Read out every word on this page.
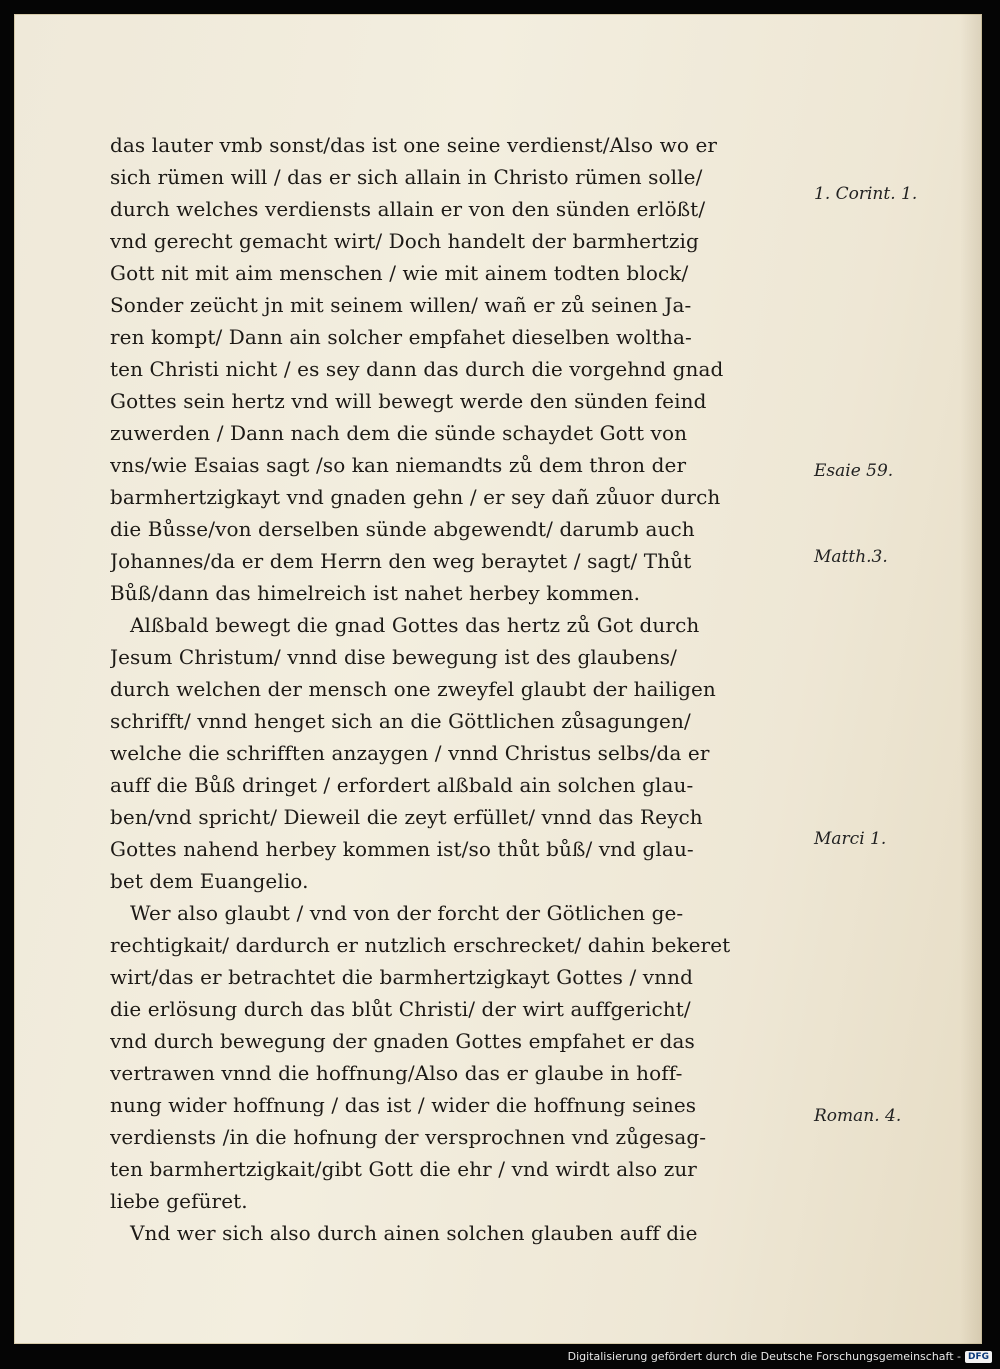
das lauter vmb sonst/das ist one seine verdienst/Also wo er
sich rümen will / das er sich allain in Christo rümen solle/
durch welches verdiensts allain er von den sünden erlößt/
vnd gerecht gemacht wirt/ Doch handelt der barmhertzig
Gott nit mit aim menschen / wie mit ainem todten block/
Sonder zeücht jn mit seinem willen/ wañ er zů seinen Ja-
ren kompt/ Dann ain solcher empfahet dieselben woltha-
ten Christi nicht / es sey dann das durch die vorgehnd gnad
Gottes sein hertz vnd will bewegt werde den sünden feind
zuwerden / Dann nach dem die sünde schaydet Gott von
vns/wie Esaias sagt /so kan niemandts zů dem thron der
barmhertzigkayt vnd gnaden gehn / er sey dañ zůuor durch
die Bůsse/von derselben sünde abgewendt/ darumb auch
Johannes/da er dem Herrn den weg beraytet / sagt/ Thůt
Bůß/dann das himelreich ist nahet herbey kommen.
Alßbald bewegt die gnad Gottes das hertz zů Got durch
Jesum Christum/ vnnd dise bewegung ist des glaubens/
durch welchen der mensch one zweyfel glaubt der hailigen
schrifft/ vnnd henget sich an die Göttlichen zůsagungen/
welche die schrifften anzaygen / vnnd Christus selbs/da er
auff die Bůß dringet / erfordert alßbald ain solchen glau-
ben/vnd spricht/ Dieweil die zeyt erfüllet/ vnnd das Reych
Gottes nahend herbey kommen ist/so thůt bůß/ vnd glau-
bet dem Euangelio.
Wer also glaubt / vnd von der forcht der Götlichen ge-
rechtigkait/ dardurch er nutzlich erschrecket/ dahin bekeret
wirt/das er betrachtet die barmhertzigkayt Gottes / vnnd
die erlösung durch das blůt Christi/ der wirt auffgericht/
vnd durch bewegung der gnaden Gottes empfahet er das
vertrawen vnnd die hoffnung/Also das er glaube in hoff-
nung wider hoffnung / das ist / wider die hoffnung seines
verdiensts /in die hofnung der versprochnen vnd zůgesag-
ten barmhertzigkait/gibt Gott die ehr / vnd wirdt also zur
liebe gefüret.
Vnd wer sich also durch ainen solchen glauben auff die
1. Corint. 1.
Esaie 59.
Matth.3.
Marci 1.
Roman. 4.
Digitalisierung gefördert durch die Deutsche Forschungsgemeinschaft - DFG
